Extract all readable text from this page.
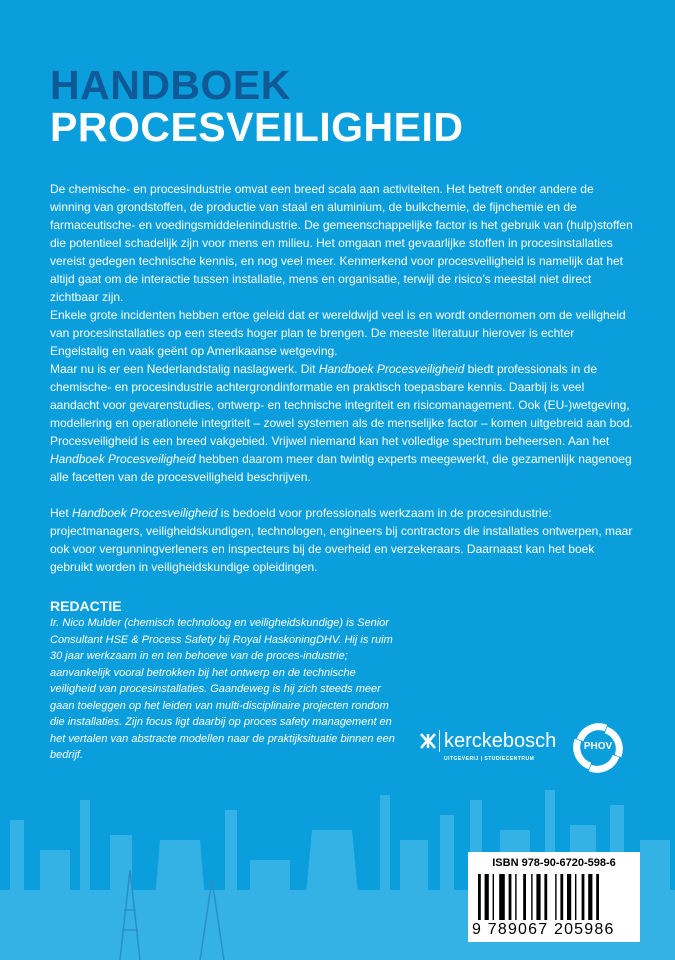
HANDBOEK
PROCESVEILIGHEID

De chemische- en procesindustrie omvat een breed scala aan activiteiten. Het betreft onder andere de winning van grondstoffen, de productie van staal en aluminium, de bulkchemie, de fijnchemie en de farmaceutische- en voedingsmiddelenindustrie. De gemeenschappelijke factor is het gebruik van (hulp)stoffen die potentieel schadelijk zijn voor mens en milieu. Het omgaan met gevaarlijke stoffen in procesinstallaties vereist gedegen technische kennis, en nog veel meer. Kenmerkend voor procesveiligheid is namelijk dat het altijd gaat om de interactie tussen installatie, mens en organisatie, terwijl de risico’s meestal niet direct zichtbaar zijn.

Enkele grote incidenten hebben ertoe geleid dat er wereldwijd veel is en wordt ondernomen om de veiligheid van procesinstallaties op een steeds hoger plan te brengen. De meeste literatuur hierover is echter Engelstalig en vaak geënt op Amerikaanse wetgeving.

Maar nu is er een Nederlandstalig naslagwerk. Dit Handboek Procesveiligheid biedt professionals in de chemische- en procesindustrie achtergrondinformatie en praktisch toepasbare kennis. Daarbij is veel aandacht voor gevarenstudies, ontwerp- en technische integriteit en risicomanagement. Ook (EU-)wetgeving, modellering en operationele integriteit – zowel systemen als de menselijke factor – komen uitgebreid aan bod.

Procesveiligheid is een breed vakgebied. Vrijwel niemand kan het volledige spectrum beheersen. Aan het Handboek Procesveiligheid hebben daarom meer dan twintig experts meegewerkt, die gezamenlijk nagenoeg alle facetten van de procesveiligheid beschrijven.

Het Handboek Procesveiligheid is bedoeld voor professionals werkzaam in de procesindustrie: projectmanagers, veiligheidskundigen, technologen, engineers bij contractors die installaties ontwerpen, maar ook voor vergunningverleners en inspecteurs bij de overheid en verzekeraars. Daarnaast kan het boek gebruikt worden in veiligheidskundige opleidingen.

REDACTIE
Ir. Nico Mulder (chemisch technoloog en veiligheidskundige) is Senior Consultant HSE & Process Safety bij Royal HaskoningDHV. Hij is ruim 30 jaar werkzaam in en ten behoeve van de proces-industrie; aanvankelijk vooral betrokken bij het ontwerp en de technische veiligheid van procesinstallaties. Gaandeweg is hij zich steeds meer gaan toeleggen op het leiden van multi-disciplinaire projecten rondom die installaties. Zijn focus ligt daarbij op proces safety management en het vertalen van abstracte modellen naar de praktijksituatie binnen een bedrijf.
kerckebosch
UITGEVERIJ | STUDIECENTRUM
PHOV
ISBN 978-90-6720-598-6
9 789067 205986
